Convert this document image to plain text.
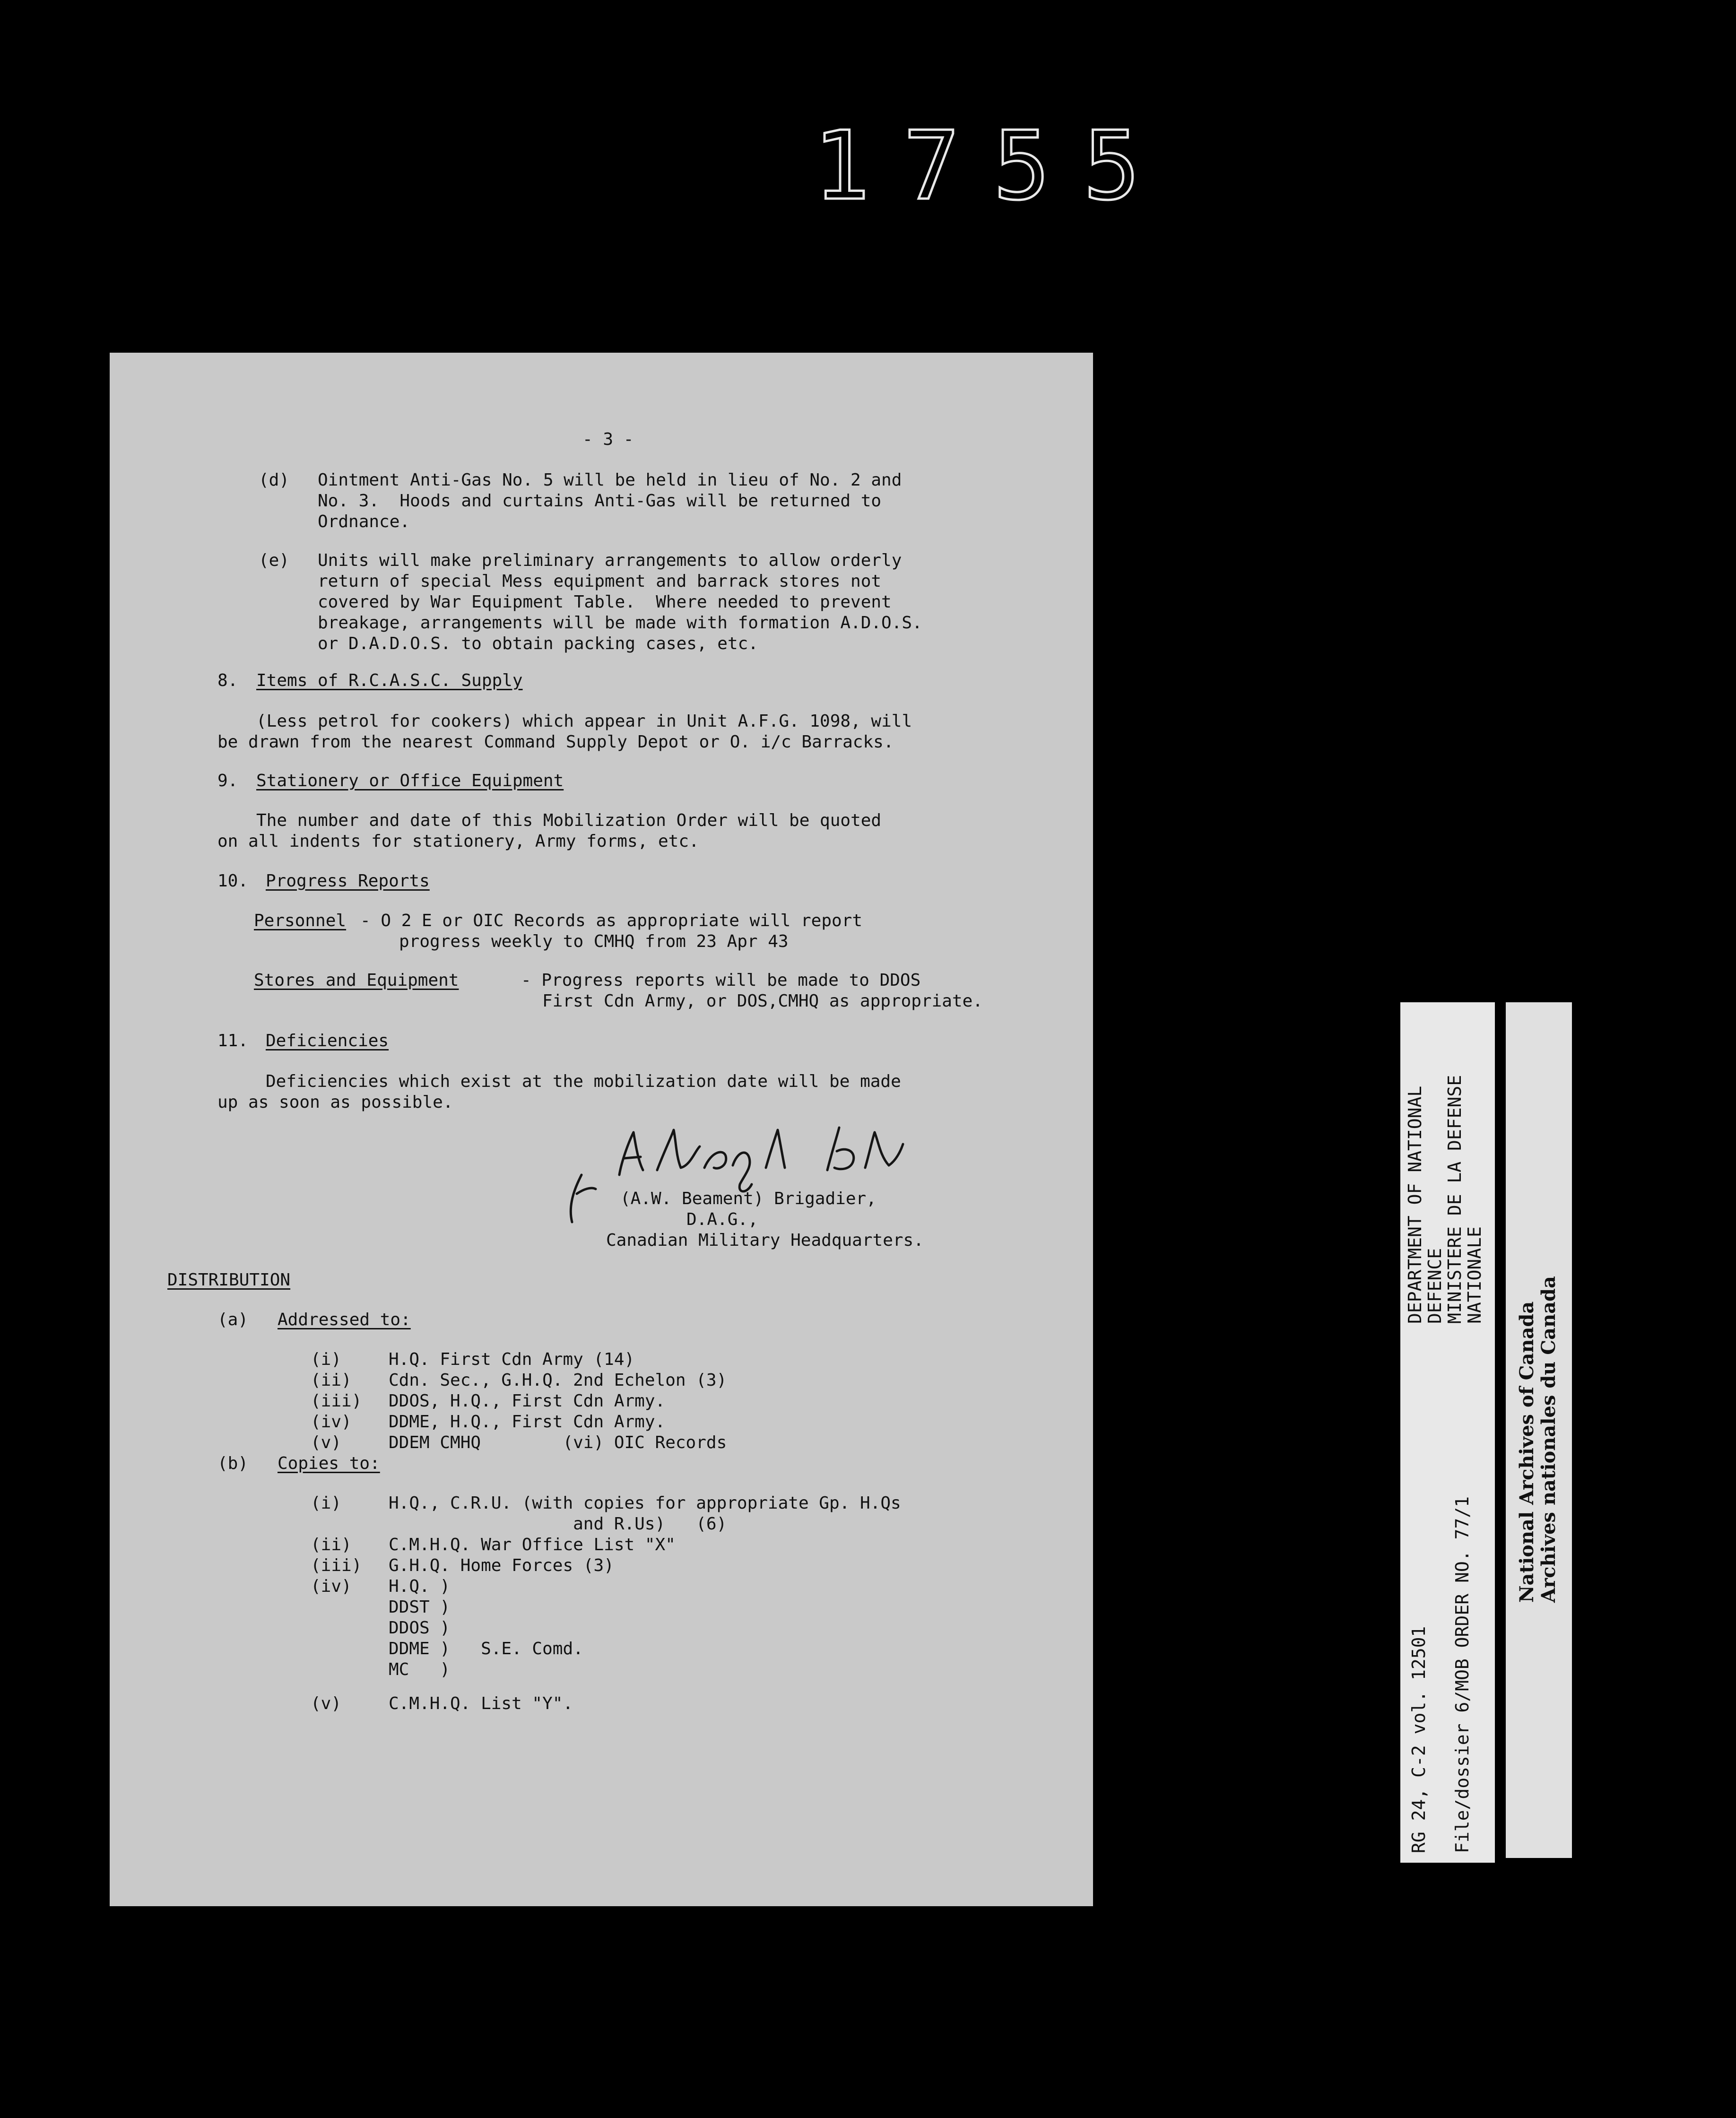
1755
- 3 -
(d) Ointment Anti-Gas No. 5 will be held in lieu of No. 2 and
No. 3.  Hoods and curtains Anti-Gas will be returned to
Ordnance.
(e) Units will make preliminary arrangements to allow orderly
return of special Mess equipment and barrack stores not
covered by War Equipment Table.  Where needed to prevent
breakage, arrangements will be made with formation A.D.O.S.
or D.A.D.O.S. to obtain packing cases, etc.
8. Items of R.C.A.S.C. Supply
(Less petrol for cookers) which appear in Unit A.F.G. 1098, will
be drawn from the nearest Command Supply Depot or O. i/c Barracks.
9. Stationery or Office Equipment
The number and date of this Mobilization Order will be quoted
on all indents for stationery, Army forms, etc.
10. Progress Reports
Personnel - O 2 E or OIC Records as appropriate will report
progress weekly to CMHQ from 23 Apr 43
Stores and Equipment	- Progress reports will be made to DDOS
First Cdn Army, or DOS,CMHQ as appropriate.
11. Deficiencies
Deficiencies which exist at the mobilization date will be made
up as soon as possible.
(A.W. Beament) Brigadier,
D.A.G.,
Canadian Military Headquarters.
DISTRIBUTION
(a) Addressed to:
(i)	H.Q. First Cdn Army (14)
(ii) Cdn. Sec., G.H.Q. 2nd Echelon (3)
(iii) DDOS, H.Q., First Cdn Army.
(iv) DDME, H.Q., First Cdn Army.
(v)	DDEM CMHQ        (vi) OIC Records
(b) Copies to:
(i)	H.Q., C.R.U. (with copies for appropriate Gp. H.Qs
and R.Us)   (6)
(ii) C.M.H.Q. War Office List "X"
(iii) G.H.Q. Home Forces (3)
(iv) H.Q. )
DDST )
DDOS )
DDME )   S.E. Comd.
MC   )
(v)	C.M.H.Q. List "Y".	RG 24, C-2 vol. 12501 File/dossier 6/MOB ORDER NO. 77/1
DEPARTMENT OF NATIONAL
DEFENCE
MINISTERE DE LA DEFENSE
NATIONALE
National Archives of Canada Archives nationales du Canada
